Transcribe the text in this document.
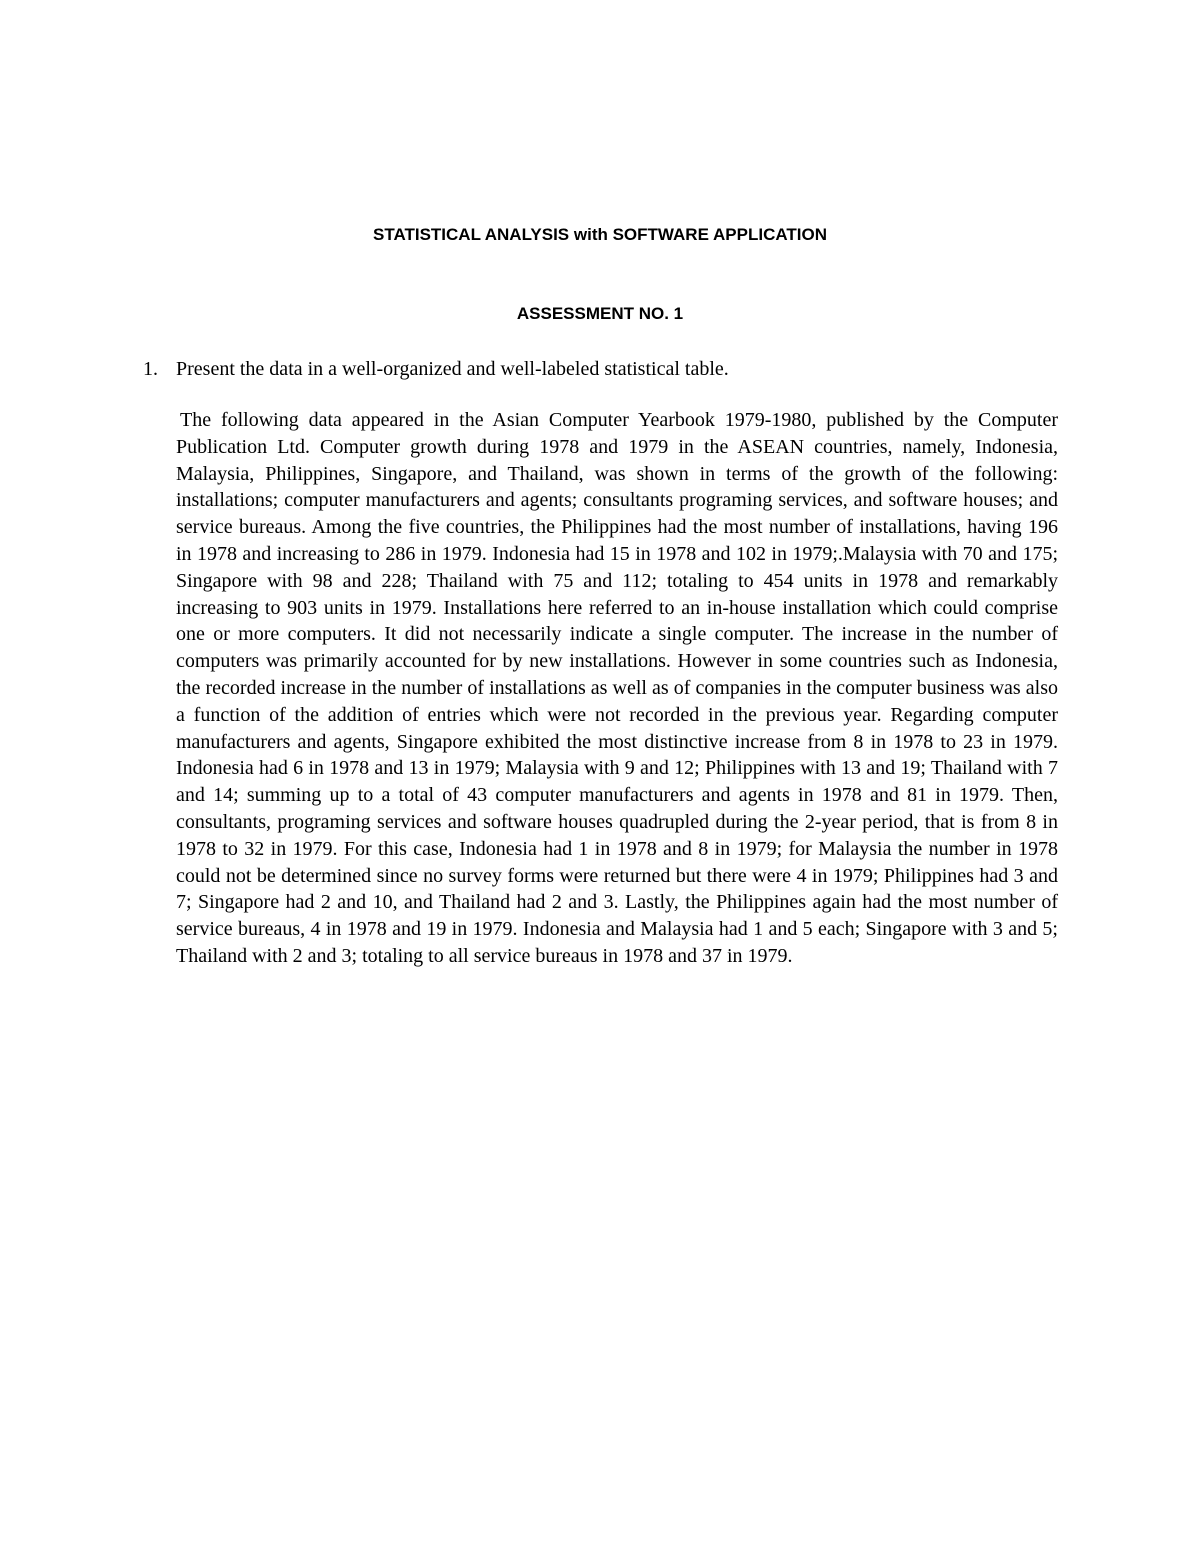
STATISTICAL ANALYSIS with SOFTWARE APPLICATION
ASSESSMENT NO. 1
1. Present the data in a well-organized and well-labeled statistical table.

The following data appeared in the Asian Computer Yearbook 1979-1980, published by the Computer Publication Ltd. Computer growth during 1978 and 1979 in the ASEAN countries, namely, Indonesia, Malaysia, Philippines, Singapore, and Thailand, was shown in terms of the growth of the following: installations; computer manufacturers and agents; consultants programing services, and software houses; and service bureaus. Among the five countries, the Philippines had the most number of installations, having 196 in 1978 and increasing to 286 in 1979. Indonesia had 15 in 1978 and 102 in 1979;.Malaysia with 70 and 175; Singapore with 98 and 228; Thailand with 75 and 112; totaling to 454 units in 1978 and remarkably increasing to 903 units in 1979. Installations here referred to an in-house installation which could comprise one or more computers. It did not necessarily indicate a single computer. The increase in the number of computers was primarily accounted for by new installations. However in some countries such as Indonesia, the recorded increase in the number of installations as well as of companies in the computer business was also a function of the addition of entries which were not recorded in the previous year. Regarding computer manufacturers and agents, Singapore exhibited the most distinctive increase from 8 in 1978 to 23 in 1979. Indonesia had 6 in 1978 and 13 in 1979; Malaysia with 9 and 12; Philippines with 13 and 19; Thailand with 7 and 14; summing up to a total of 43 computer manufacturers and agents in 1978 and 81 in 1979. Then, consultants, programing services and software houses quadrupled during the 2-year period, that is from 8 in 1978 to 32 in 1979. For this case, Indonesia had 1 in 1978 and 8 in 1979; for Malaysia the number in 1978 could not be determined since no survey forms were returned but there were 4 in 1979; Philippines had 3 and 7; Singapore had 2 and 10, and Thailand had 2 and 3. Lastly, the Philippines again had the most number of service bureaus, 4 in 1978 and 19 in 1979. Indonesia and Malaysia had 1 and 5 each; Singapore with 3 and 5; Thailand with 2 and 3; totaling to all service bureaus in 1978 and 37 in 1979.
